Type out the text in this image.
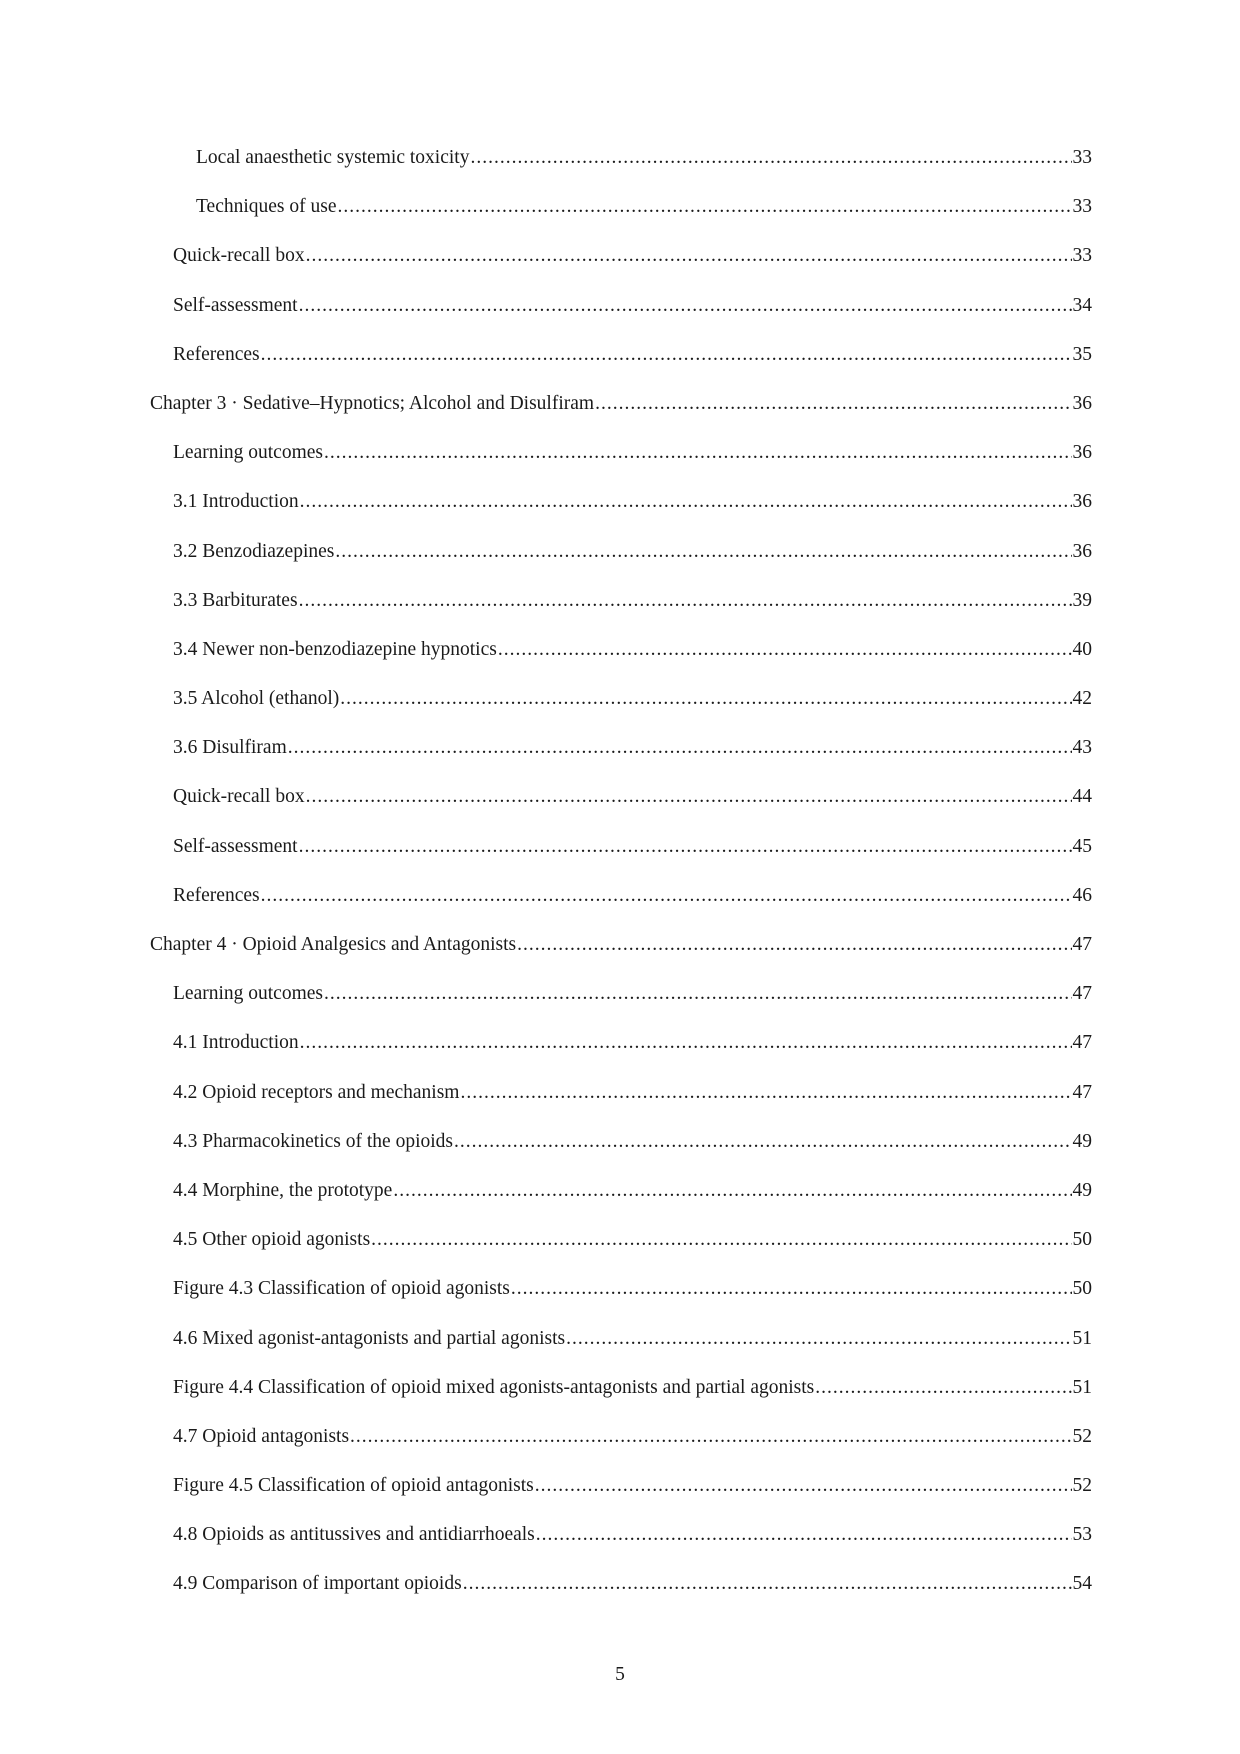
Local anaesthetic systemic toxicity .....	33
Techniques of use .....	33
Quick-recall box .....	33
Self-assessment .....	34
References .....	35
Chapter 3 · Sedative–Hypnotics; Alcohol and Disulfiram .....	36
Learning outcomes .....	36
3.1 Introduction .....	36
3.2 Benzodiazepines .....	36
3.3 Barbiturates .....	39
3.4 Newer non-benzodiazepine hypnotics .....	40
3.5 Alcohol (ethanol) .....	42
3.6 Disulfiram .....	43
Quick-recall box .....	44
Self-assessment .....	45
References .....	46
Chapter 4 · Opioid Analgesics and Antagonists .....	47
Learning outcomes .....	47
4.1 Introduction .....	47
4.2 Opioid receptors and mechanism .....	47
4.3 Pharmacokinetics of the opioids .....	49
4.4 Morphine, the prototype .....	49
4.5 Other opioid agonists .....	50
Figure 4.3 Classification of opioid agonists .....	50
4.6 Mixed agonist-antagonists and partial agonists .....	51
Figure 4.4 Classification of opioid mixed agonists-antagonists and partial agonists .....	51
4.7 Opioid antagonists .....	52
Figure 4.5 Classification of opioid antagonists .....	52
4.8 Opioids as antitussives and antidiarrhoeals .....	53
4.9 Comparison of important opioids .....	54
5
